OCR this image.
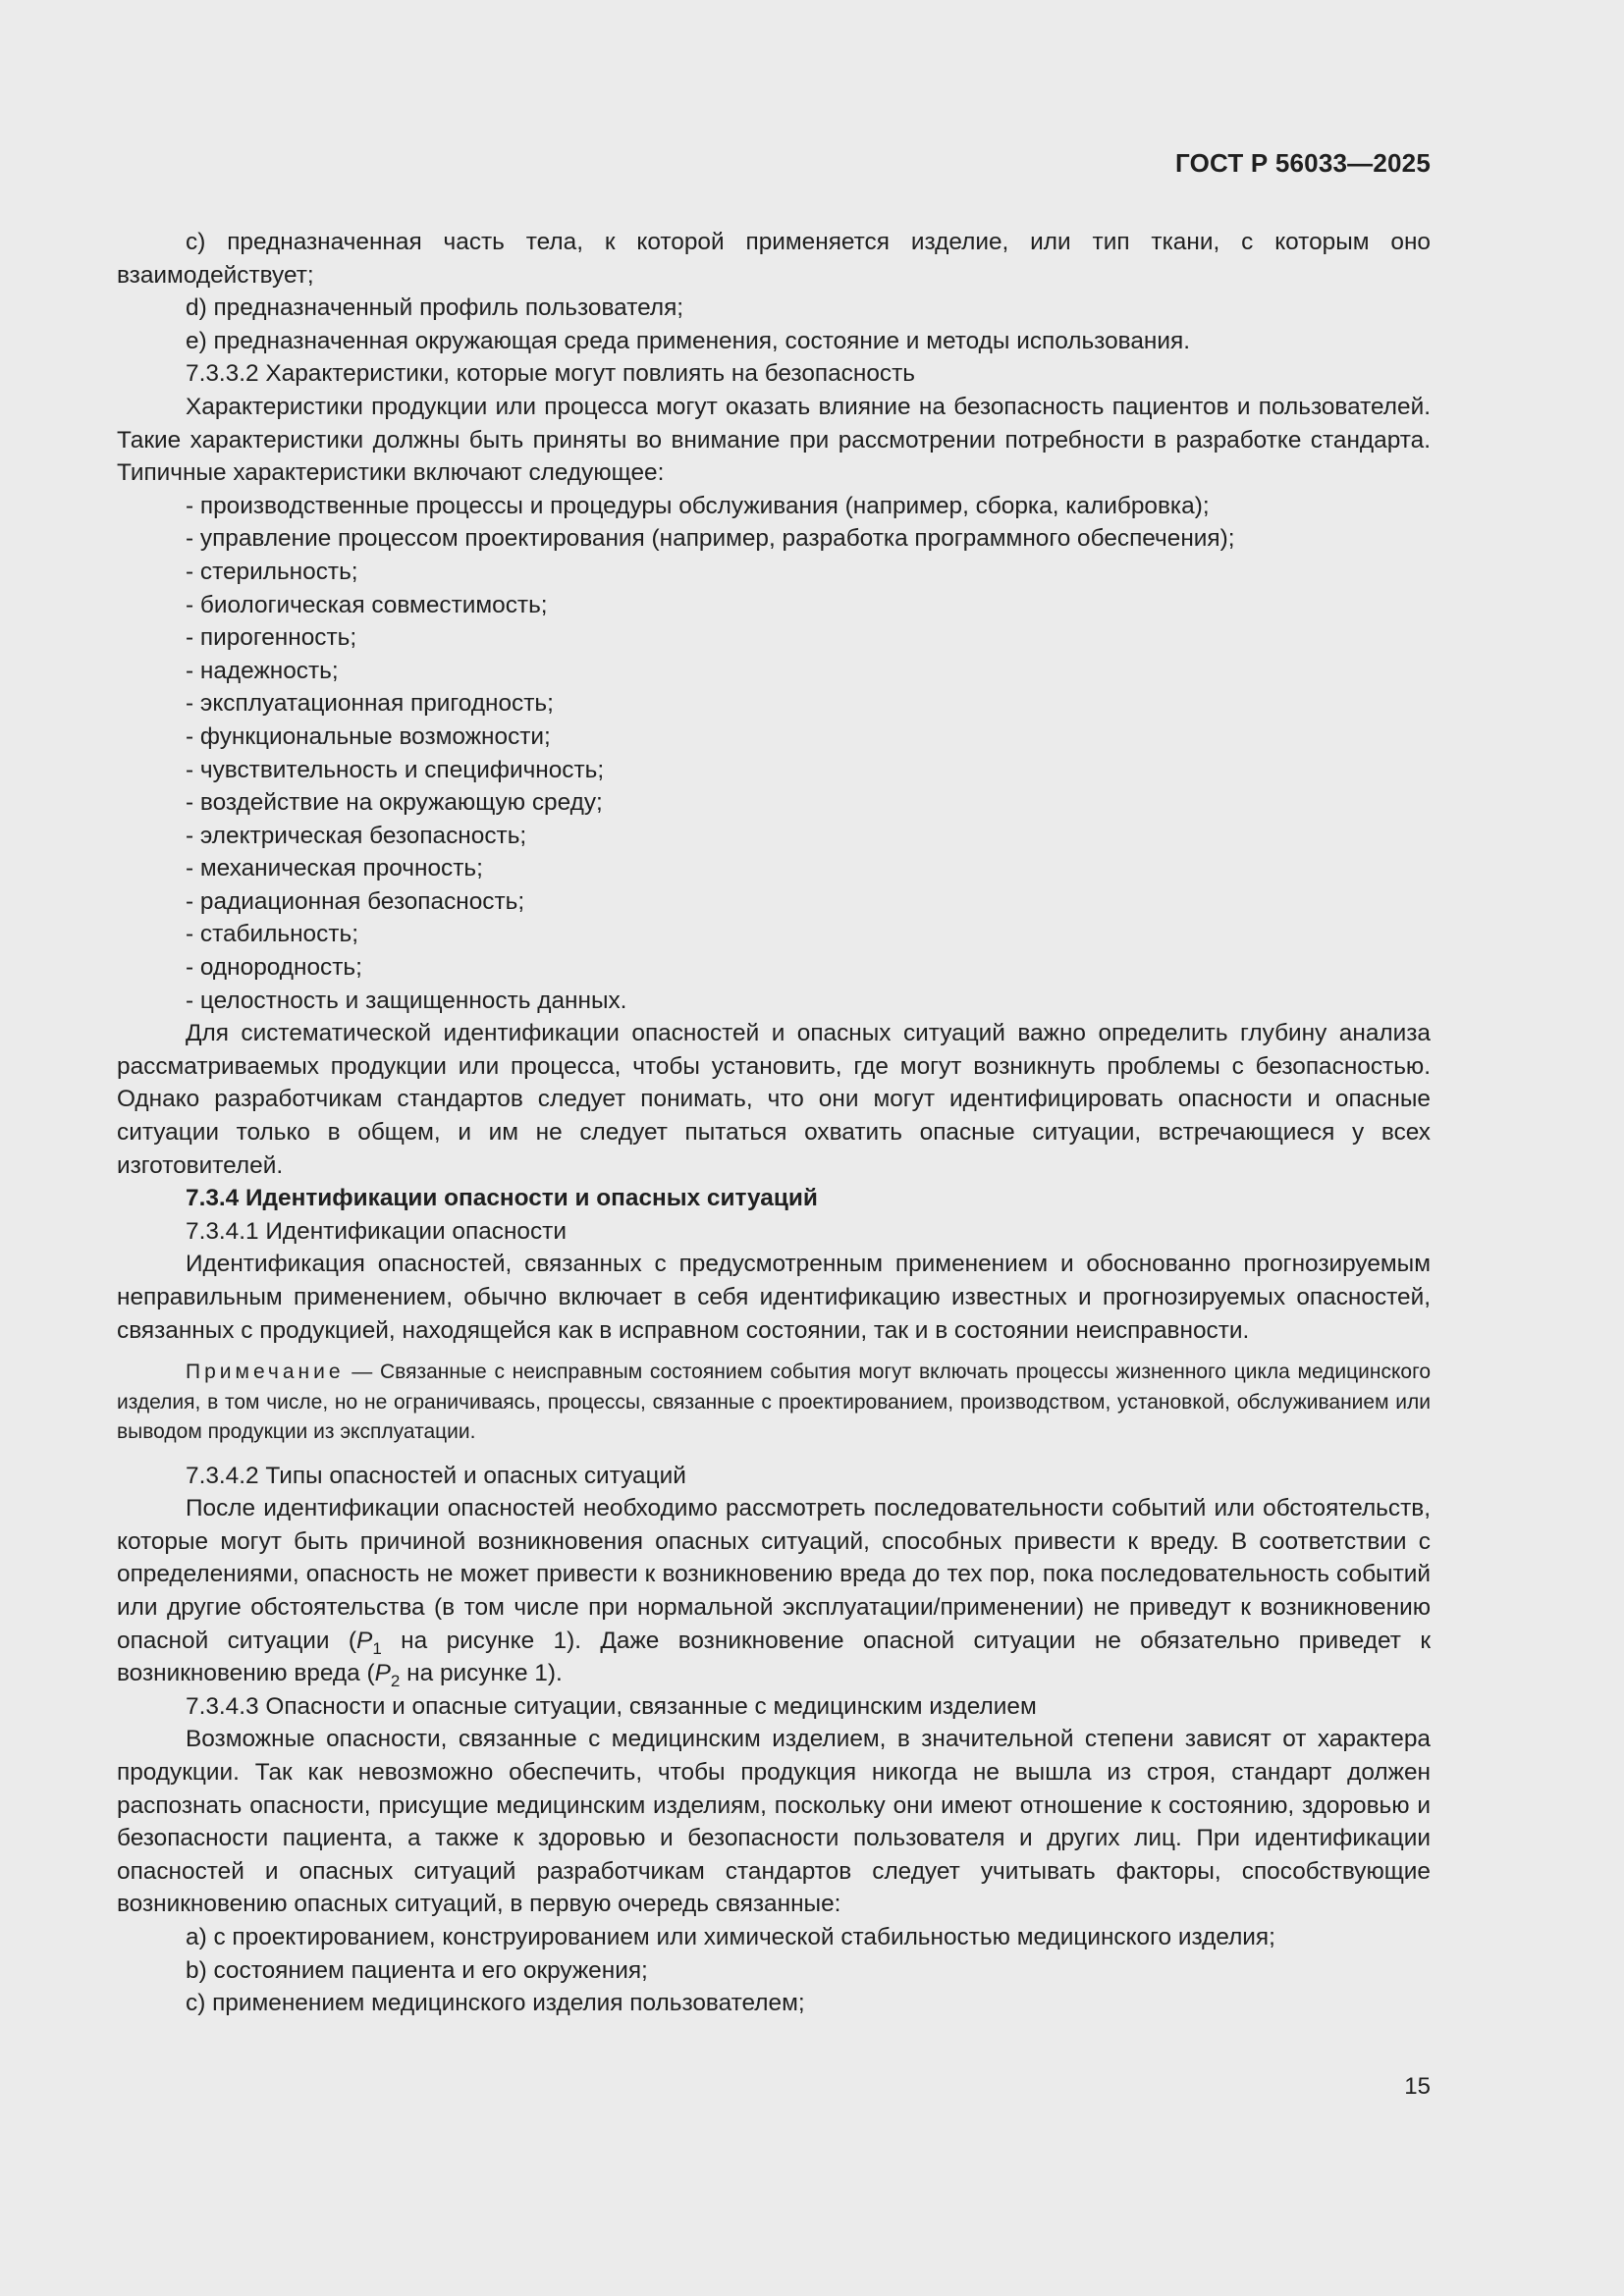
ГОСТ Р 56033—2025

c) предназначенная часть тела, к которой применяется изделие, или тип ткани, с которым оно взаимодействует;

d) предназначенный профиль пользователя;

e) предназначенная окружающая среда применения, состояние и методы использования.

7.3.3.2 Характеристики, которые могут повлиять на безопасность

Характеристики продукции или процесса могут оказать влияние на безопасность пациентов и пользователей. Такие характеристики должны быть приняты во внимание при рассмотрении потребности в разработке стандарта. Типичные характеристики включают следующее:

- производственные процессы и процедуры обслуживания (например, сборка, калибровка);

- управление процессом проектирования (например, разработка программного обеспечения);

- стерильность;

- биологическая совместимость;

- пирогенность;

- надежность;

- эксплуатационная пригодность;

- функциональные возможности;

- чувствительность и специфичность;

- воздействие на окружающую среду;

- электрическая безопасность;

- механическая прочность;

- радиационная безопасность;

- стабильность;

- однородность;

- целостность и защищенность данных.

Для систематической идентификации опасностей и опасных ситуаций важно определить глубину анализа рассматриваемых продукции или процесса, чтобы установить, где могут возникнуть проблемы с безопасностью. Однако разработчикам стандартов следует понимать, что они могут идентифицировать опасности и опасные ситуации только в общем, и им не следует пытаться охватить опасные ситуации, встречающиеся у всех изготовителей.

7.3.4 Идентификации опасности и опасных ситуаций

7.3.4.1 Идентификации опасности

Идентификация опасностей, связанных с предусмотренным применением и обоснованно прогнозируемым неправильным применением, обычно включает в себя идентификацию известных и прогнозируемых опасностей, связанных с продукцией, находящейся как в исправном состоянии, так и в состоянии неисправности.

Примечание — Связанные с неисправным состоянием события могут включать процессы жизненного цикла медицинского изделия, в том числе, но не ограничиваясь, процессы, связанные с проектированием, производством, установкой, обслуживанием или выводом продукции из эксплуатации.

7.3.4.2 Типы опасностей и опасных ситуаций

После идентификации опасностей необходимо рассмотреть последовательности событий или обстоятельств, которые могут быть причиной возникновения опасных ситуаций, способных привести к вреду. В соответствии с определениями, опасность не может привести к возникновению вреда до тех пор, пока последовательность событий или другие обстоятельства (в том числе при нормальной эксплуатации/применении) не приведут к возникновению опасной ситуации ($P_1$ на рисунке 1). Даже возникновение опасной ситуации не обязательно приведет к возникновению вреда ($P_2$ на рисунке 1).

7.3.4.3 Опасности и опасные ситуации, связанные с медицинским изделием

Возможные опасности, связанные с медицинским изделием, в значительной степени зависят от характера продукции. Так как невозможно обеспечить, чтобы продукция никогда не вышла из строя, стандарт должен распознать опасности, присущие медицинским изделиям, поскольку они имеют отношение к состоянию, здоровью и безопасности пациента, а также к здоровью и безопасности пользователя и других лиц. При идентификации опасностей и опасных ситуаций разработчикам стандартов следует учитывать факторы, способствующие возникновению опасных ситуаций, в первую очередь связанные:

a) с проектированием, конструированием или химической стабильностью медицинского изделия;

b) состоянием пациента и его окружения;

c) применением медицинского изделия пользователем;

15
